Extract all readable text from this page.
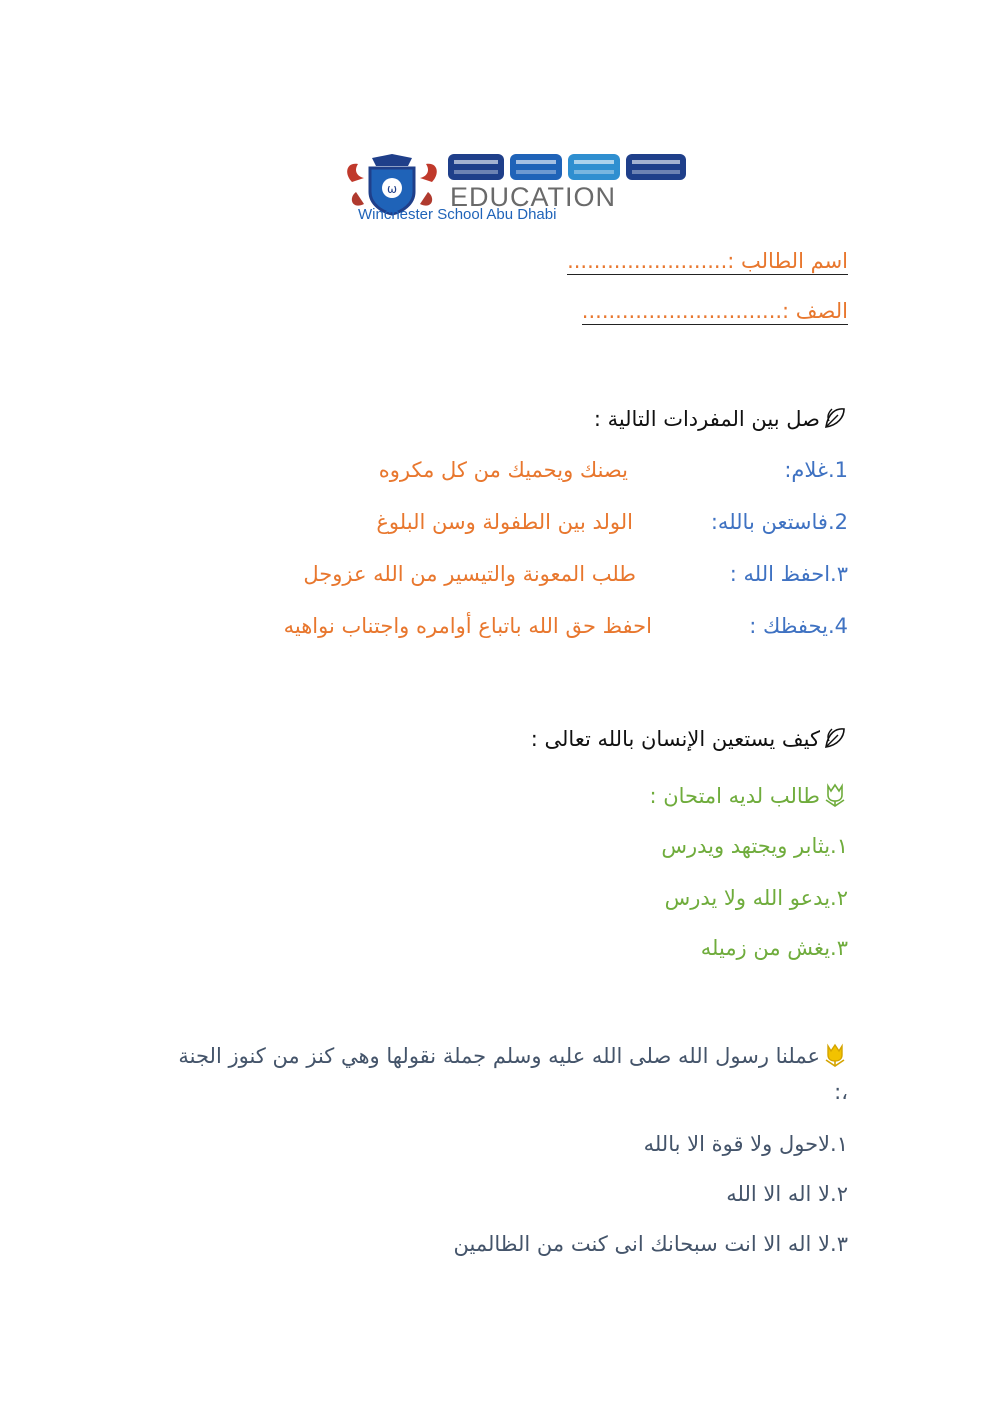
ω EDUCATION
Winchester School Abu Dhabi
اسم الطالب :........................
الصف :..............................
صل بين المفردات التالية :
1.غلام:
يصنك ويحميك من كل مكروه
2.فاستعن بالله:
الولد بين الطفولة وسن البلوغ
٣.احفظ الله :
طلب المعونة والتيسير من الله عزوجل
4.يحفظك :
احفظ حق الله باتباع أوامره واجتناب نواهيه
كيف يستعين الإنسان بالله تعالى :
طالب لديه امتحان :
١.يثابر ويجتهد ويدرس
٢.يدعو الله ولا يدرس
٣.يغش من زميله
عملنا رسول الله صلى الله عليه وسلم جملة نقولها وهي كنز من كنوز الجنة ،:
١.لاحول ولا قوة الا بالله
٢.لا اله الا الله
٣.لا اله الا انت سبحانك انى كنت من الظالمين
